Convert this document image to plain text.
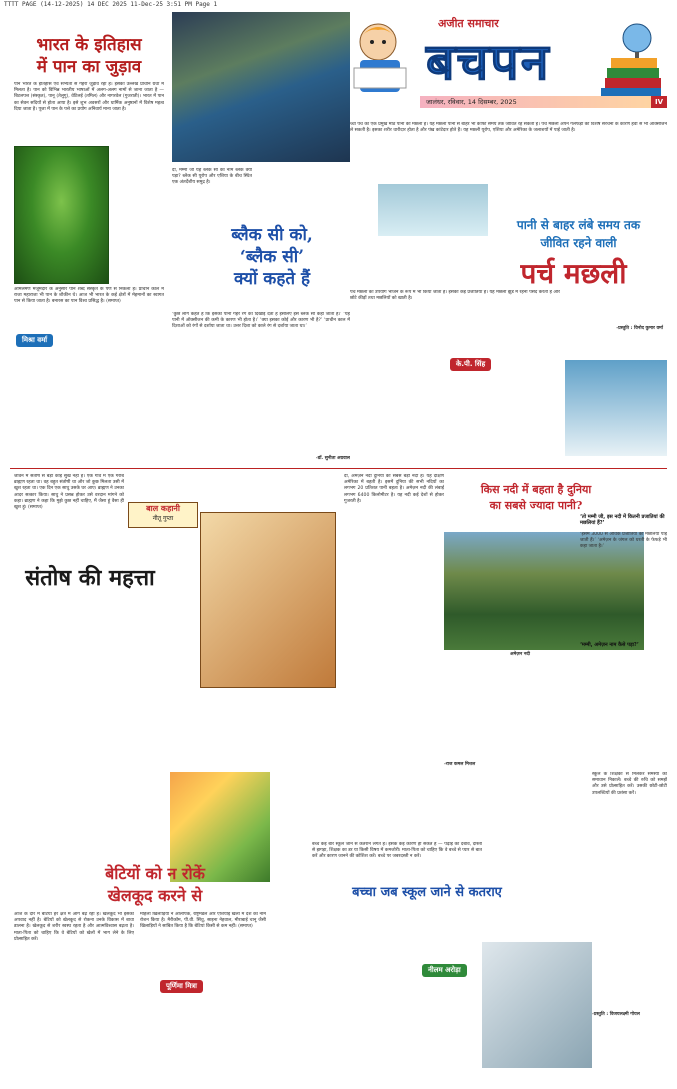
TTTT PAGE (14-12-2025) 14 DEC 2025 11-Dec-25 3:51 PM Page 1
भारत के इतिहास
में पान का जुड़ाव
पान भारत के इतिहास एवं सभ्यता से गहरा जुड़ाव रहा है। इसका उल्लेख प्राचीन ग्रंथों में मिलता है। पान को विभिन्न भारतीय भाषाओं में अलग-अलग नामों से जाना जाता है — बिटलपत्त (संस्कृत), पानू (तेलुगु), वेटिलई (तमिल) और नागरवेल (गुजराती)। भारत में पान का सेवन सदियों से होता आया है। इसे शुभ अवसरों और धार्मिक अनुष्ठानों में विशेष महत्व दिया जाता है। पूजा में पान के पत्ते का प्रयोग अनिवार्य माना जाता है।
अमिलमण मजूमदार के अनुसार पान शब्द संस्कृत के पर्ण से निकला है। प्राचीन काल में राजा महाराजा भी पान के शौकीन थे। आज भी भारत के कई क्षेत्रों में मेहमानों का स्वागत पान से किया जाता है। बनारस का पान विश्व प्रसिद्ध है। (समाप्त)
मिश्रा वर्मा
दी, मम्मी जी यह ब्लैक सी का नाम ब्लैक क्यों पड़ा? ब्लैक सी यूरोप और एशिया के बीच स्थित एक अंतर्देशीय समुद्र है।
ब्लैक सी को,
‘ब्लैक सी’
क्यों कहते हैं
‘कुछ लोग कहते हैं कि इसका पानी गहरे रंग का दिखाई देता है इसलिए इसे ब्लैक सी कहा जाता है।’ ‘यह पानी में ऑक्सीजन की कमी के कारण भी होता है।’ ‘क्या इसका कोई और कारण भी है?’ ‘प्राचीन काल में दिशाओं को रंगों से दर्शाया जाता था। उत्तर दिशा को काले रंग से दर्शाया जाता था।’
-डॉ. सुनीता अग्रवाल
अजीत समाचार
बचपन
जालंधर, रविवार, 14 दिसम्बर, 2025	IV
च्चों पर्च का एक प्रमुख मीठे पानी की मछली है। यह मछली पानी से बाहर भी काफी समय तक जीवित रह सकती है। पर्च मछली अपने गलफड़ों की विशेष संरचना के कारण हवा से भी ऑक्सीजन ले सकती है। इसका शरीर धारीदार होता है और पंख कांटेदार होते हैं। यह मछली यूरोप, एशिया और अमेरिका के जलाशयों में पाई जाती है।
पानी से बाहर लंबे समय तक
जीवित रहने वाली
पर्च मछली
पर्च मछली का उपयोग भोजन के रूप में भी किया जाता है। इसकी कई प्रजातियां हैं। यह मछली झुंड में रहना पसंद करती है और छोटे कीड़ों तथा मछलियों को खाती है।
के.पी. सिंह
-प्रस्तुति : विनोद कुमार वर्मा
जीवन में संतोष से बड़ा कोई सुख नहीं है। एक गांव में एक गरीब ब्राह्मण रहता था। वह बहुत संतोषी था और जो कुछ मिलता उसी में खुश रहता था। एक दिन एक साधु उसके घर आए। ब्राह्मण ने उनका आदर सत्कार किया। साधु ने प्रसन्न होकर उसे वरदान मांगने को कहा। ब्राह्मण ने कहा कि मुझे कुछ नहीं चाहिए, मैं जैसा हूं वैसा ही खुश हूं। (समाप्त)	बाल कहानी
नीतू गुप्ता
संतोष की महत्ता
दी, अमेज़न नदी दुनिया की सबसे बड़ी नदी है। यह दक्षिण अमेरिका में बहती है। इसमें दुनिया की सभी नदियों का लगभग 20 प्रतिशत पानी बहता है। अमेज़न नदी की लंबाई लगभग 6400 किलोमीटर है। यह नदी कई देशों से होकर गुजरती है।
किस नदी में बहता है दुनिया
का सबसे ज्यादा पानी?
अमेज़न नदी
‘तो मम्मी जी, इस नदी में कितनी प्रजातियां की मछलियां हैं?’
‘इसमें 3000 से अधिक प्रजातियों की मछलियां पाई जाती हैं।’ ‘अमेज़न के जंगल को धरती के फेफड़े भी कहा जाता है।’
‘मम्मी, अमेज़न नाम कैसे पड़ा?’
-राज कमल मित्तल
बेटियों को न रोकें
खेलकूद करने से
आज के दौर में बेटियां हर क्षेत्र में आगे बढ़ रही हैं। खेलकूद भी इसका अपवाद नहीं है। बेटियों को खेलकूद से रोकना उनके विकास में बाधा डालना है। खेलकूद से शरीर स्वस्थ रहता है और आत्मविश्वास बढ़ता है। माता-पिता को चाहिए कि वे बेटियों को खेलों में भाग लेने के लिए प्रोत्साहित करें।
पूर्णिमा मित्रा
महिला खिलाड़ियों ने ओलंपिक, राष्ट्रमंडल और एशियाई खेलों में देश का नाम रोशन किया है। मैरीकॉम, पी.वी. सिंधु, साइना नेहवाल, मीराबाई चानू जैसी खिलाड़ियों ने साबित किया है कि बेटियां किसी से कम नहीं। (समाप्त)
बच्चे कई बार स्कूल जाने से कतराने लगते हैं। इसके कई कारण हो सकते हैं — पढ़ाई का दबाव, दोस्तों से झगड़ा, शिक्षक का डर या किसी विषय में कमजोरी। माता-पिता को चाहिए कि वे बच्चे से प्यार से बात करें और कारण जानने की कोशिश करें। बच्चे पर जबरदस्ती न करें।
बच्चा जब स्कूल जाने से कतराए
नीलम अरोड़ा
स्कूल के शिक्षकों से मिलकर समस्या का समाधान निकालें। बच्चे की रुचि को समझें और उसे प्रोत्साहित करें। उसकी छोटी-छोटी उपलब्धियों की प्रशंसा करें।
-प्रस्तुति : विजयलक्ष्मी गोयल
